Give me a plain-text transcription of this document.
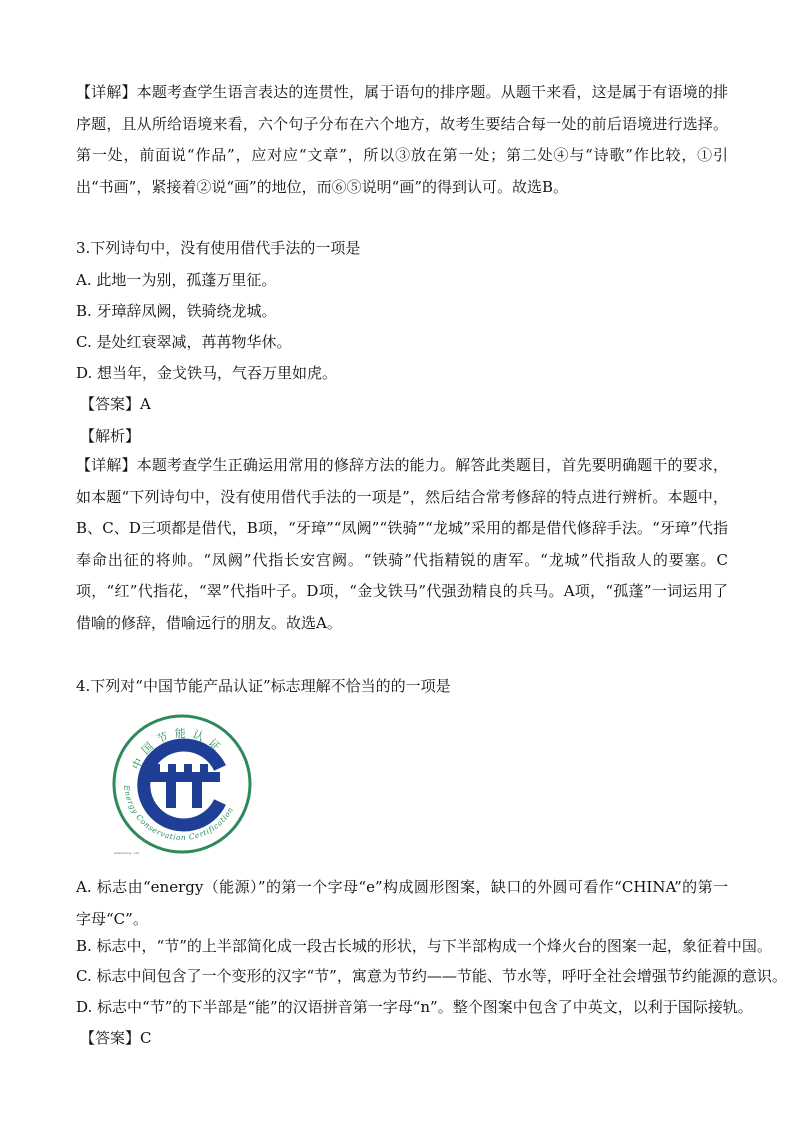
【详解】本题考查学生语言表达的连贯性，属于语句的排序题。从题干来看，这是属于有语境的排序题，且从所给语境来看，六个句子分布在六个地方，故考生要结合每一处的前后语境进行选择。第一处，前面说“作品”，应对应“文章”，所以③放在第一处；第二处④与“诗歌”作比较，①引出“书画”，紧接着②说“画”的地位，而⑥⑤说明“画”的得到认可。故选B。
3.下列诗句中，没有使用借代手法的一项是
A. 此地一为别，孤蓬万里征。
B. 牙璋辞凤阙，铁骑绕龙城。
C. 是处红衰翠减，苒苒物华休。
D. 想当年，金戈铁马，气吞万里如虎。
【答案】A
【解析】
【详解】本题考查学生正确运用常用的修辞方法的能力。解答此类题目，首先要明确题干的要求，如本题“下列诗句中，没有使用借代手法的一项是”，然后结合常考修辞的特点进行辨析。本题中，B、C、D三项都是借代，B项，“牙璋”“凤阙”“铁骑”“龙城”采用的都是借代修辞手法。“牙璋”代指奉命出征的将帅。“凤阙”代指长安宫阙。“铁骑”代指精锐的唐军。“龙城”代指敌人的要塞。C项，“红”代指花，“翠”代指叶子。D项，“金戈铁马”代强劲精良的兵马。A项，“孤蓬”一词运用了借喻的修辞，借喻远行的朋友。故选A。
4.下列对“中国节能产品认证”标志理解不恰当的的一项是
中国节能认证
Energy Conservation Certification
www.zhong...net
A. 标志由“energy（能源）”的第一个字母“e”构成圆形图案，缺口的外圆可看作“CHINA”的第一字母“C”。
B. 标志中，“节”的上半部简化成一段古长城的形状，与下半部构成一个烽火台的图案一起，象征着中国。
C. 标志中间包含了一个变形的汉字“节”，寓意为节约——节能、节水等，呼吁全社会增强节约能源的意识。
D. 标志中“节”的下半部是“能”的汉语拼音第一字母“n”。整个图案中包含了中英文，以利于国际接轨。
【答案】C
